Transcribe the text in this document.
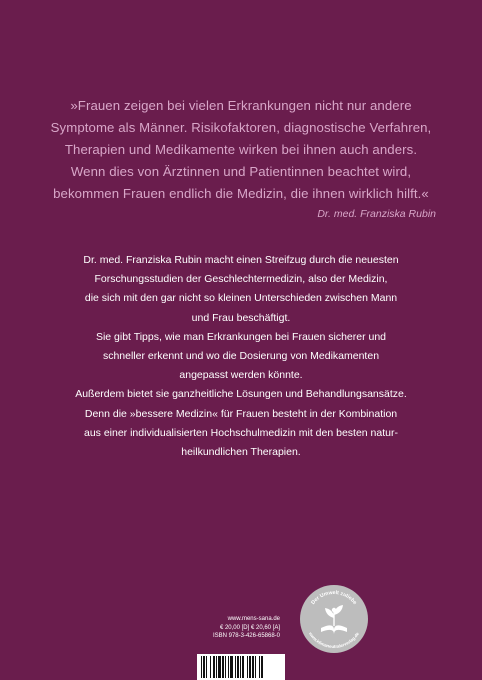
»Frauen zeigen bei vielen Erkrankungen nicht nur andere
Symptome als Männer. Risikofaktoren, diagnostische Verfahren,
Therapien und Medikamente wirken bei ihnen auch anders.
Wenn dies von Ärztinnen und Patientinnen beachtet wird,
bekommen Frauen endlich die Medizin, die ihnen wirklich hilft.«
Dr. med. Franziska Rubin
Dr. med. Franziska Rubin macht einen Streifzug durch die neuesten
Forschungsstudien der Geschlechtermedizin, also der Medizin,
die sich mit den gar nicht so kleinen Unterschieden zwischen Mann
und Frau beschäftigt.
Sie gibt Tipps, wie man Erkrankungen bei Frauen sicherer und
schneller erkennt und wo die Dosierung von Medikamenten
angepasst werden könnte.
Außerdem bietet sie ganzheitliche Lösungen und Behandlungsansätze.
Denn die »bessere Medizin« für Frauen besteht in der Kombination
aus einer individualisierten Hochschulmedizin mit den besten natur-
heilkundlichen Therapien.
www.mens-sana.de
€ 20,00 [D] € 20,60 [A]
ISBN 978-3-426-65868-0
Der Umwelt zuliebe
www.klimaneutralerverlag.de
